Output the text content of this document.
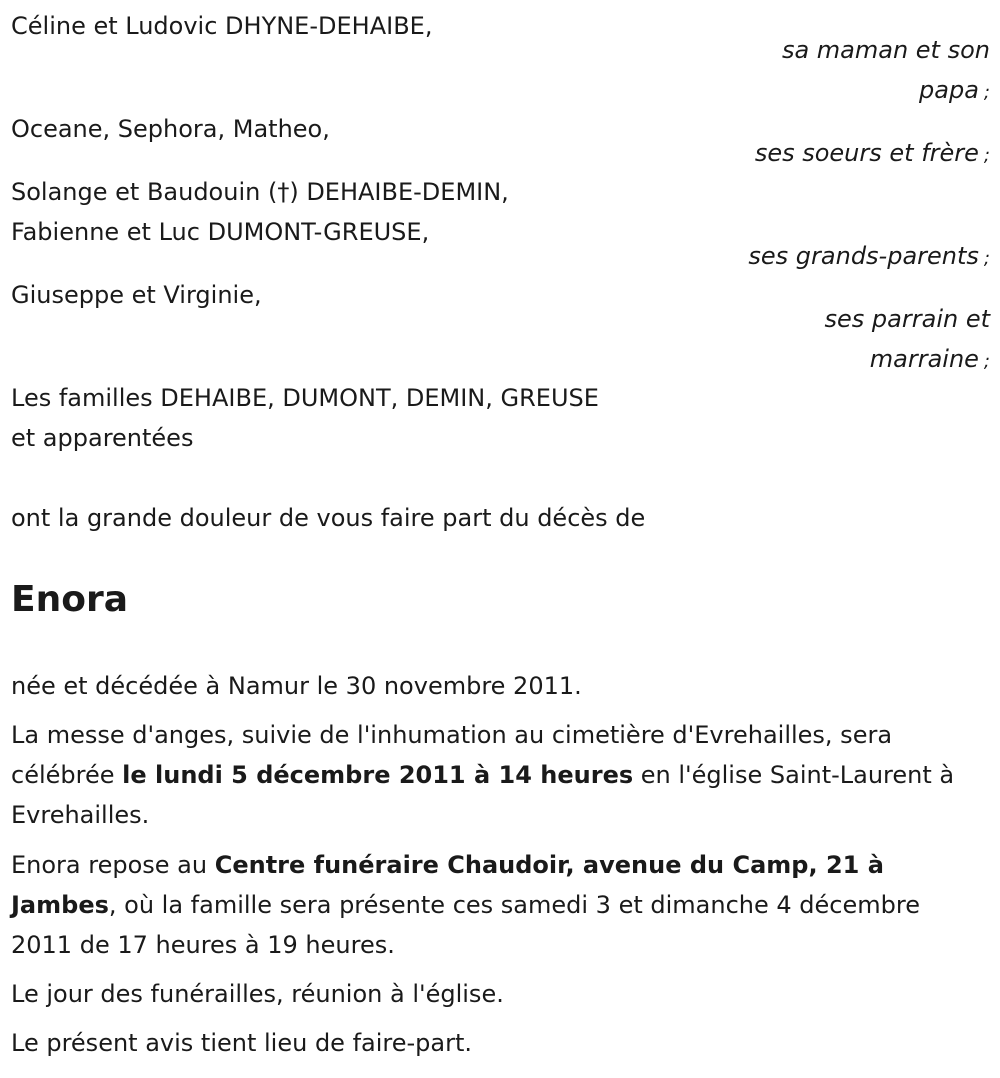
Céline et Ludovic DHYNE-DEHAIBE,

sa maman et son

papa ;

Oceane, Sephora, Matheo,

ses soeurs et frère ;

Solange et Baudouin (†) DEHAIBE-DEMIN,

Fabienne et Luc DUMONT-GREUSE,

ses grands-parents ;

Giuseppe et Virginie,

ses parrain et

marraine ;

Les familles DEHAIBE, DUMONT, DEMIN, GREUSE

et apparentées

ont la grande douleur de vous faire part du décès de

Enora

née et décédée à Namur le 30 novembre 2011.

La messe d'anges, suivie de l'inhumation au cimetière d'Evrehailles, sera célébrée le lundi 5 décembre 2011 à 14 heures en l'église Saint-Laurent à Evrehailles.

Enora repose au Centre funéraire Chaudoir, avenue du Camp, 21 à Jambes, où la famille sera présente ces samedi 3 et dimanche 4 décembre 2011 de 17 heures à 19 heures.

Le jour des funérailles, réunion à l'église.

Le présent avis tient lieu de faire-part.
